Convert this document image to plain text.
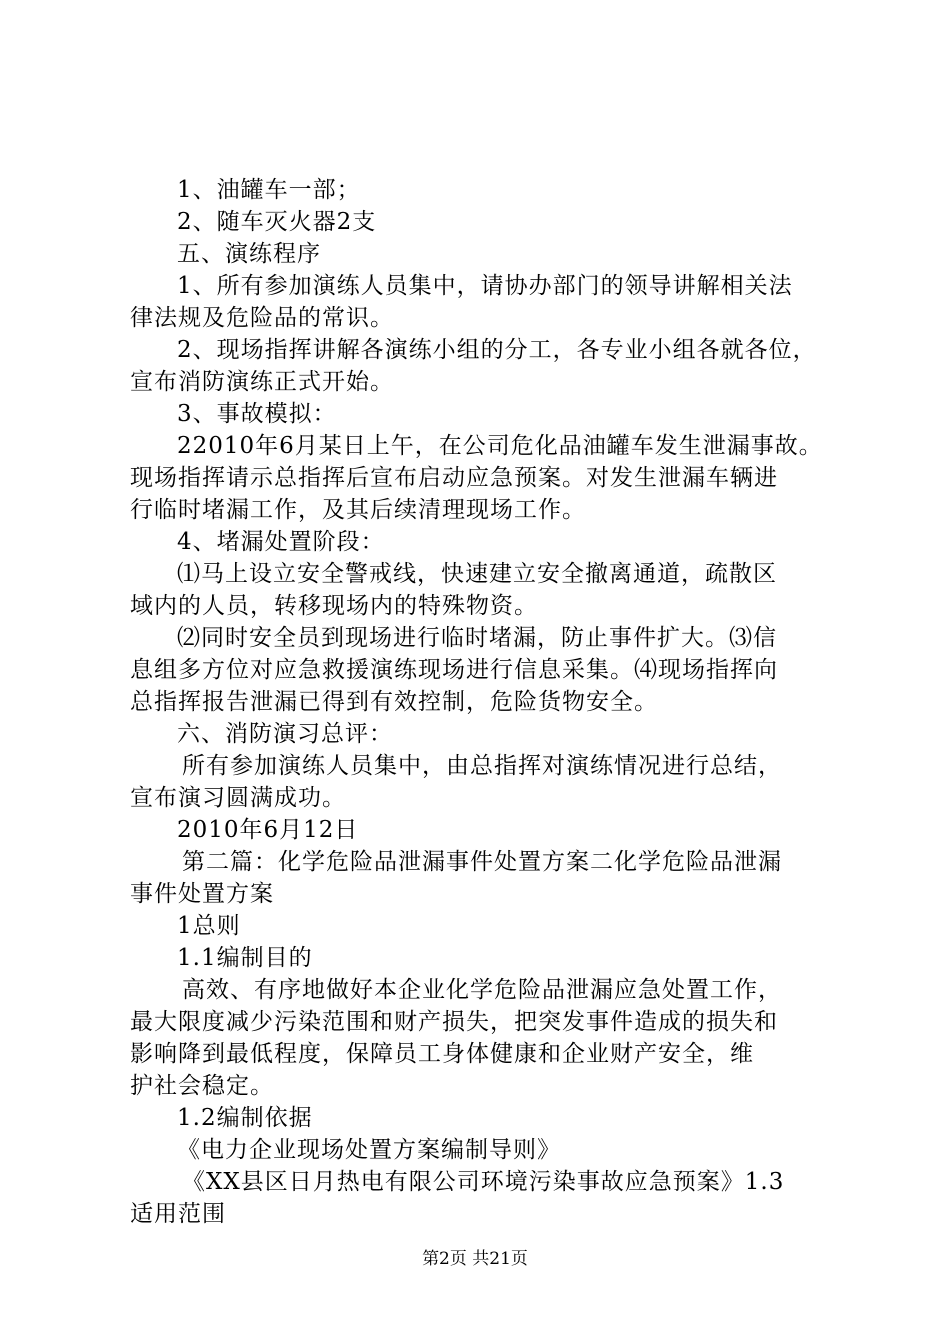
1、油罐车一部；
2、随车灭火器2支
五、演练程序
1、所有参加演练人员集中，请协办部门的领导讲解相关法
律法规及危险品的常识。
2、现场指挥讲解各演练小组的分工，各专业小组各就各位，
宣布消防演练正式开始。
3、事故模拟：
22010年6月某日上午，在公司危化品油罐车发生泄漏事故。
现场指挥请示总指挥后宣布启动应急预案。对发生泄漏车辆进
行临时堵漏工作，及其后续清理现场工作。
4、堵漏处置阶段：
⑴马上设立安全警戒线，快速建立安全撤离通道，疏散区
域内的人员，转移现场内的特殊物资。
⑵同时安全员到现场进行临时堵漏，防止事件扩大。⑶信
息组多方位对应急救援演练现场进行信息采集。⑷现场指挥向
总指挥报告泄漏已得到有效控制，危险货物安全。
六、消防演习总评：
所有参加演练人员集中，由总指挥对演练情况进行总结，
宣布演习圆满成功。
2010年6月12日
第二篇：化学危险品泄漏事件处置方案二化学危险品泄漏
事件处置方案
1总则
1.1编制目的
高效、有序地做好本企业化学危险品泄漏应急处置工作，
最大限度减少污染范围和财产损失，把突发事件造成的损失和
影响降到最低程度，保障员工身体健康和企业财产安全，维
护社会稳定。
1.2编制依据
《电力企业现场处置方案编制导则》
《XX县区日月热电有限公司环境污染事故应急预案》1.3
适用范围
第2页 共21页
